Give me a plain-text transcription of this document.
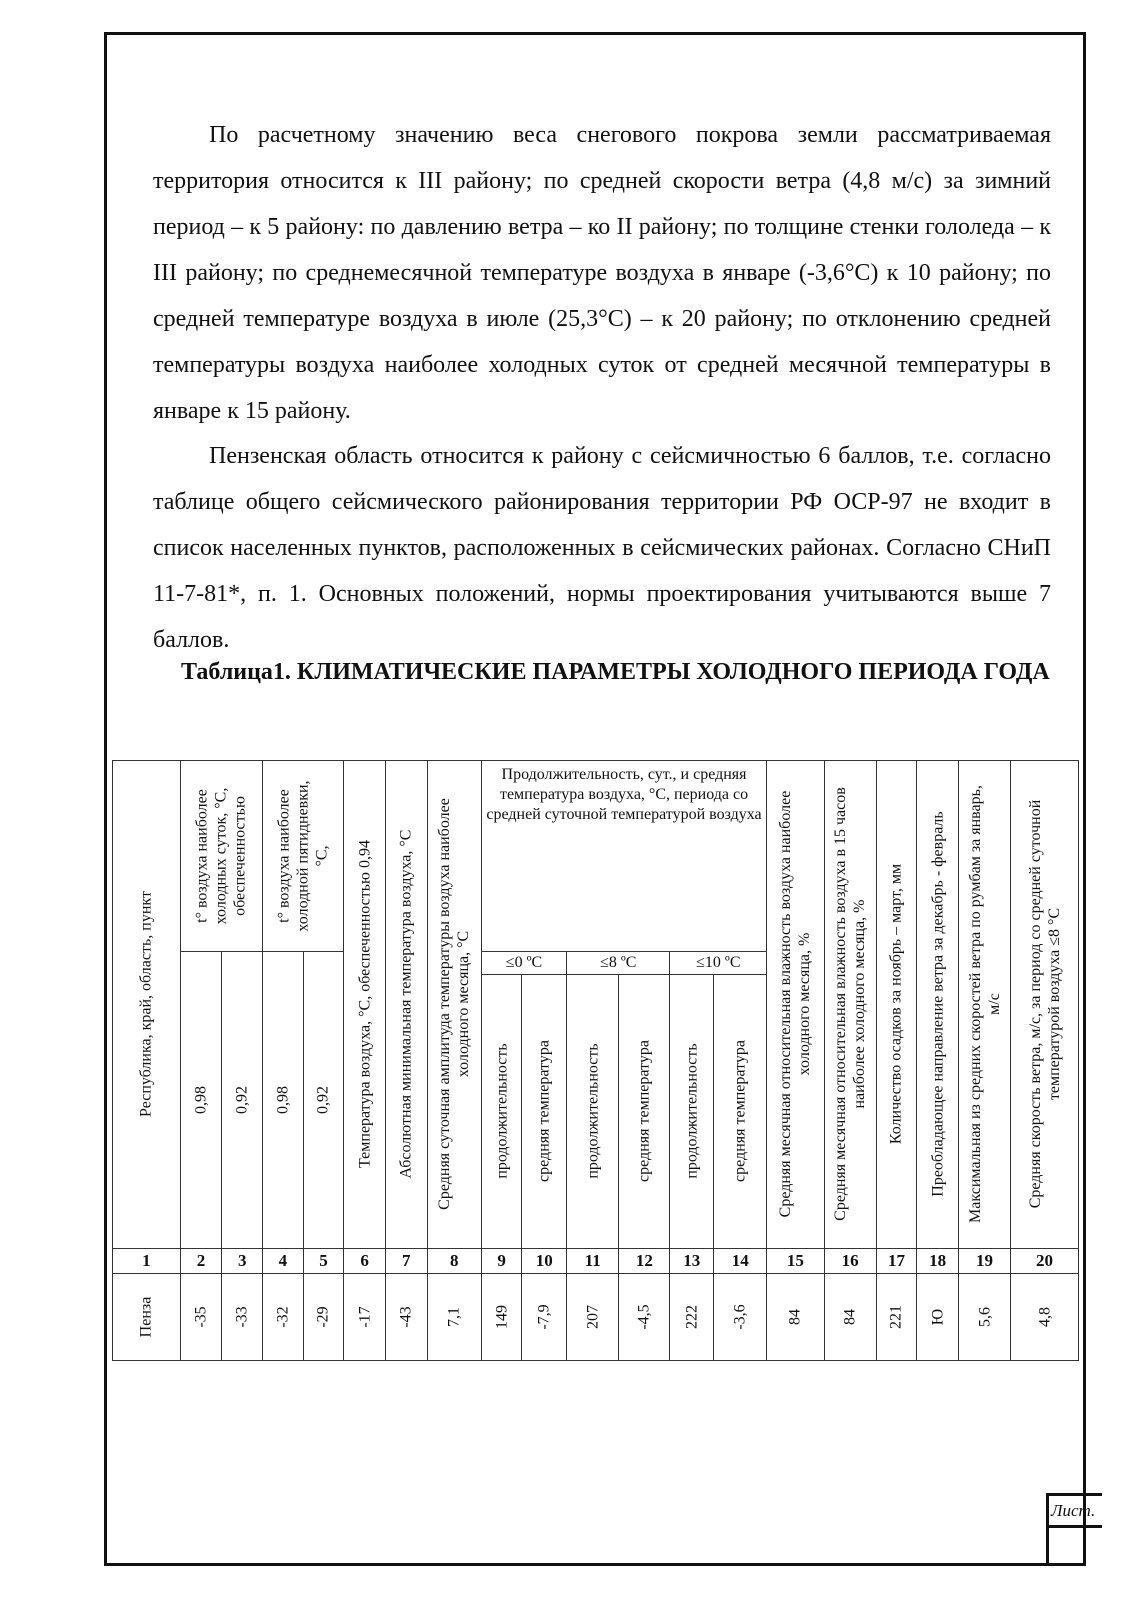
По расчетному значению веса снегового покрова земли рассматриваемая территория относится к III району; по средней скорости ветра (4,8 м/с) за зимний период – к 5 району: по давлению ветра – ко II району; по толщине стенки гололеда – к III району; по среднемесячной температуре воздуха в январе (-3,6°С) к 10 району; по средней температуре воздуха в июле (25,3°С) – к 20 району; по отклонению средней температуры воздуха наиболее холодных суток от средней месячной температуры в январе к 15 району.

Пензенская область относится к району с сейсмичностью 6 баллов, т.е. согласно таблице общего сейсмического районирования территории РФ ОСР-97 не входит в список населенных пунктов, расположенных в сейсмических районах. Согласно СНиП 11-7-81*, п. 1. Основных положений, нормы проектирования учитываются выше 7 баллов.

Таблица1. КЛИМАТИЧЕСКИЕ ПАРАМЕТРЫ ХОЛОДНОГО ПЕРИОДА ГОДА

Республика, край, область, пункт	t° воздуха наиболее холодных суток, °С, обеспеченностью		t° воздуха наиболее холодной пятидневки, °С,		Температура воздуха, °С, обеспеченностью 0,94	Абсолютная минимальная температура воздуха, °С	Средняя суточная амплитуда температуры воздуха наиболее холодного месяца, °С	Продолжительность, сут., и средняя температура воздуха, °С, периода со средней суточной температурой воздуха						Средняя месячная относительная влажность воздуха наиболее холодного месяца, %	Средняя месячная относительная влажность воздуха в 15 часов наиболее холодного месяца, %	Количество осадков за ноябрь – март, мм	Преобладающее направление ветра за декабрь - февраль	Максимальная из средних скоростей ветра по румбам за январь, м/с	Средняя скорость ветра, м/с, за период со средней суточной температурой воздуха ≤8 °С

	0,98	0,92	0,98	0,92				≤0 ºС		≤8 ºС		≤10 ºС							

								продолжительность	средняя температура	продолжительность	средняя температура	продолжительность	средняя температура						

1	2	3	4	5	6	7	8	9	10	11	12	13	14	15	16	17	18	19	20

Пенза	-35	-33	-32	-29	-17	-43	7,1	149	-7,9	207	-4,5	222	-3,6	84	84	221	Ю	5,6	4,8
Лист.
